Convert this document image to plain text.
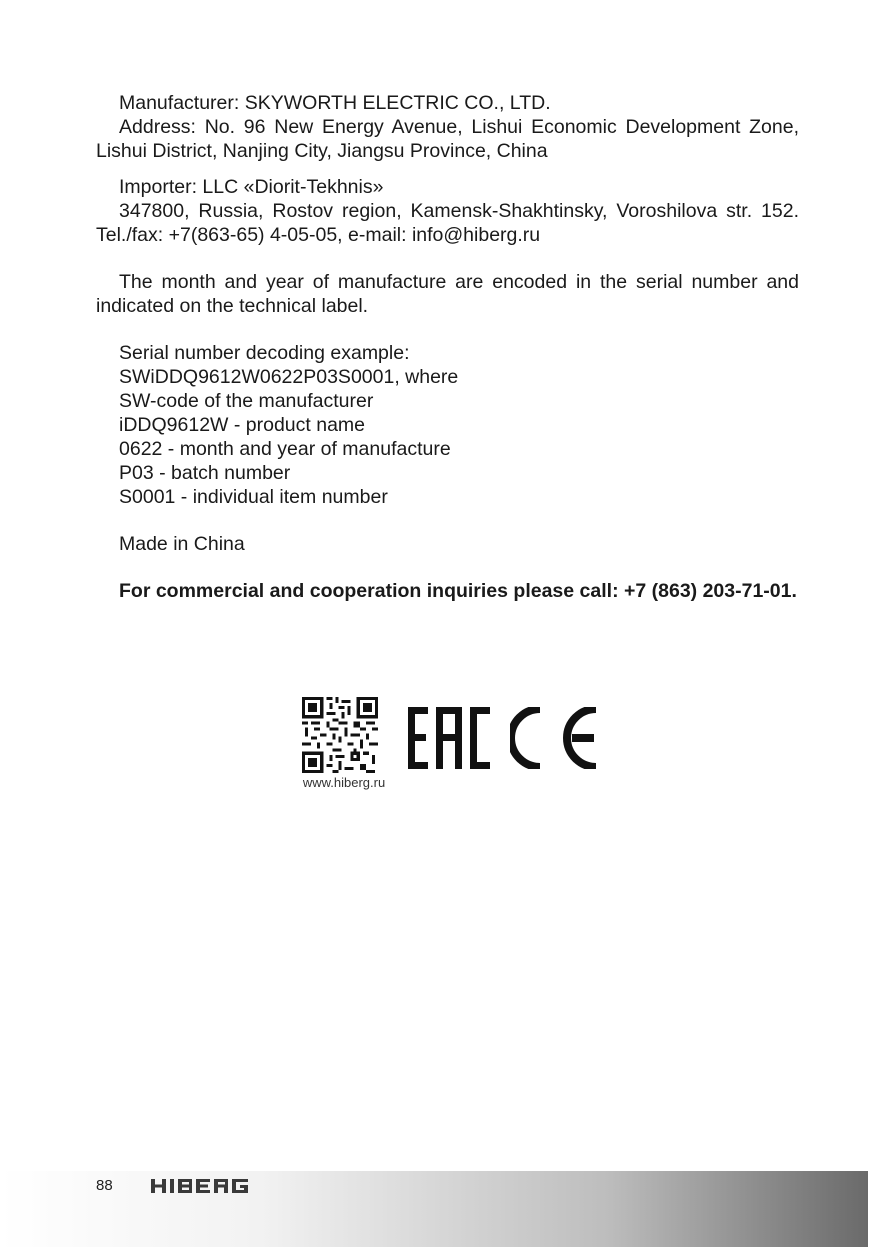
Manufacturer: SKYWORTH ELECTRIC CO., LTD.

Address: No. 96 New Energy Avenue, Lishui Economic Development Zone, Lishui District, Nanjing City, Jiangsu Province, China

Importer: LLC «Diorit-Tekhnis»

347800, Russia, Rostov region, Kamensk-Shakhtinsky, Voroshilova str. 152. Tel./fax: +7(863-65) 4-05-05, e-mail: info@hiberg.ru

The month and year of manufacture are encoded in the serial number and indicated on the technical label.

Serial number decoding example:

SWiDDQ9612W0622P03S0001, where

SW-code of the manufacturer

iDDQ9612W - product name

0622 - month and year of manufacture

P03 - batch number

S0001 - individual item number

Made in China

For commercial and cooperation inquiries please call: +7 (863) 203-71-01.

www.hiberg.ru
88
